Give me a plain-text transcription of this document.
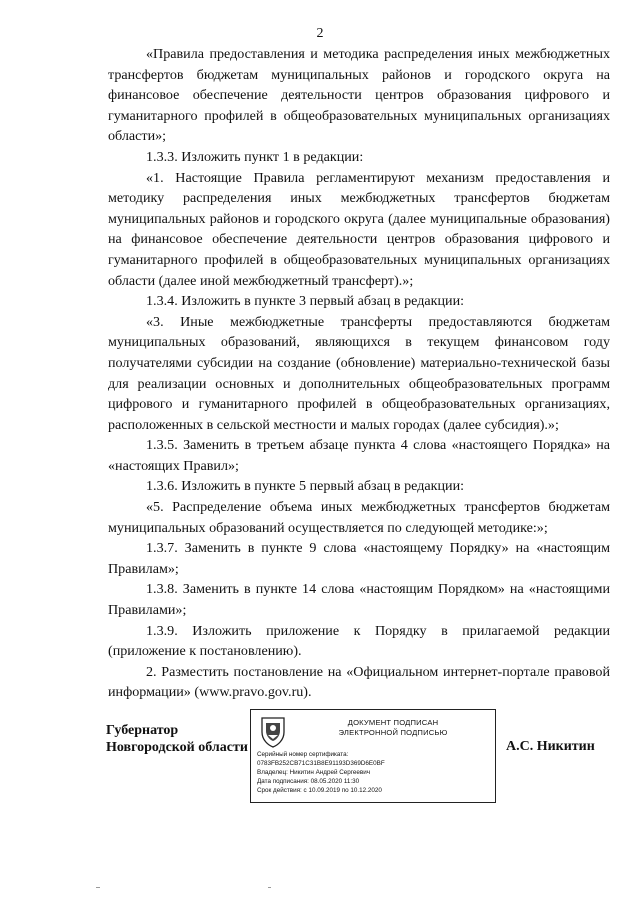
2

«Правила предоставления и методика распределения иных межбюджетных трансфертов бюджетам муниципальных районов и городского округа на финансовое обеспечение деятельности центров образования цифрового и гуманитарного профилей в общеобразовательных муниципальных организациях области»;

1.3.3. Изложить пункт 1 в редакции:

«1. Настоящие Правила регламентируют механизм предоставления и методику распределения иных межбюджетных трансфертов бюджетам муниципальных районов и городского округа (далее муниципальные образования) на финансовое обеспечение деятельности центров образования цифрового и гуманитарного профилей в общеобразовательных муниципальных организациях области (далее иной межбюджетный трансферт).»;

1.3.4. Изложить в пункте 3 первый абзац в редакции:

«3. Иные межбюджетные трансферты предоставляются бюджетам муниципальных образований, являющихся в текущем финансовом году получателями субсидии на создание (обновление) материально-технической базы для реализации основных и дополнительных общеобразовательных программ цифрового и гуманитарного профилей в общеобразовательных организациях, расположенных в сельской местности и малых городах (далее субсидия).»;

1.3.5. Заменить в третьем абзаце пункта 4 слова «настоящего Порядка» на «настоящих Правил»;

1.3.6. Изложить в пункте 5 первый абзац в редакции:

«5. Распределение объема иных межбюджетных трансфертов бюджетам муниципальных образований осуществляется по следующей методике:»;

1.3.7. Заменить в пункте 9 слова «настоящему Порядку» на «настоящим Правилам»;

1.3.8. Заменить в пункте 14 слова «настоящим Порядком» на «настоящими Правилами»;

1.3.9. Изложить приложение к Порядку в прилагаемой редакции (приложение к постановлению).

2. Разместить постановление на «Официальном интернет-портале правовой информации» (www.pravo.gov.ru).

Губернатор
Новгородской области
ДОКУМЕНТ ПОДПИСАН
ЭЛЕКТРОННОЙ ПОДПИСЬЮ
Серийный номер сертификата:
0783FB252CB71C31B8E91193D369D6E0BF
Владелец: Никитин Андрей Сергеевич
Дата подписания: 08.05.2020 11:30
Срок действия: с 10.09.2019 по 10.12.2020
А.С. Никитин
